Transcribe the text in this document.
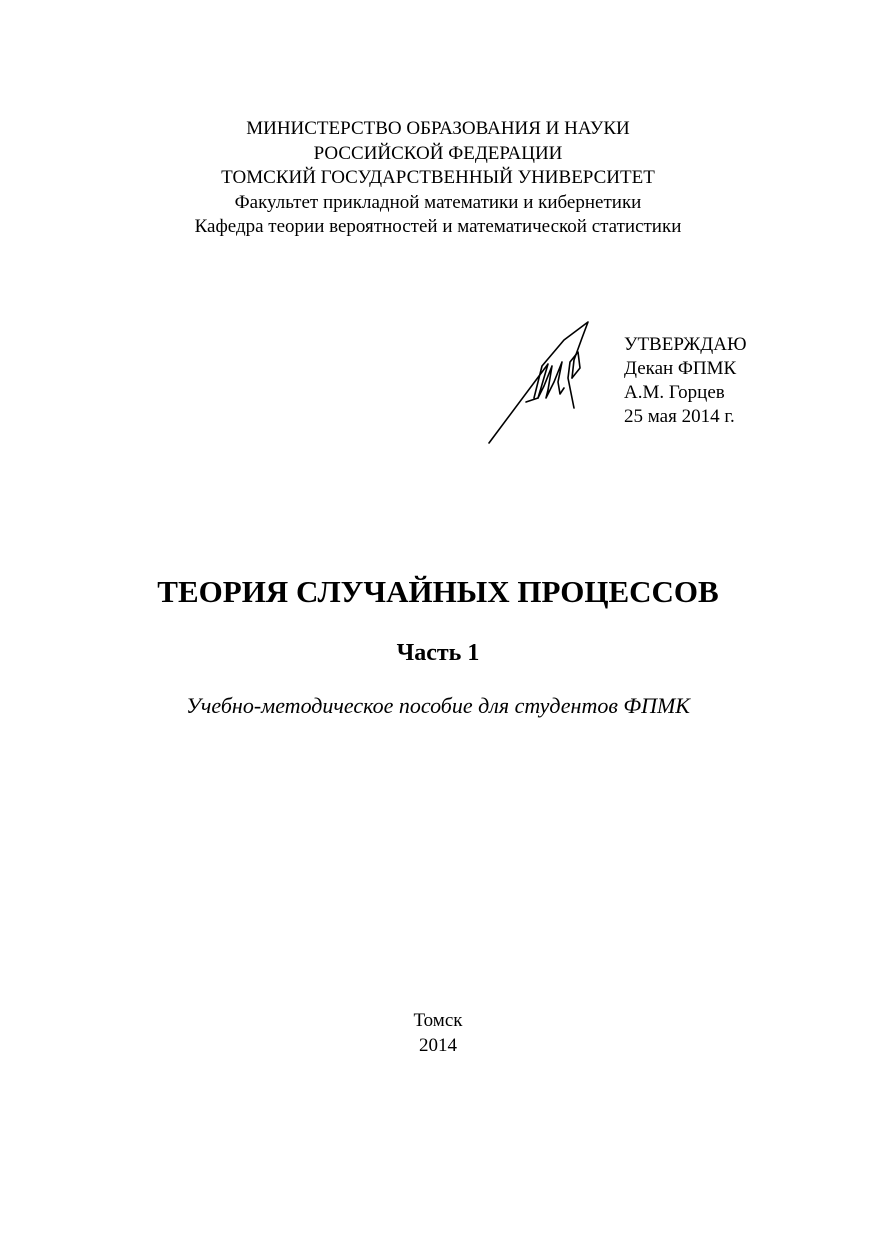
МИНИСТЕРСТВО ОБРАЗОВАНИЯ И НАУКИ
РОССИЙСКОЙ ФЕДЕРАЦИИ
ТОМСКИЙ ГОСУДАРСТВЕННЫЙ УНИВЕРСИТЕТ
Факультет прикладной математики и кибернетики
Кафедра теории вероятностей и математической статистики
УТВЕРЖДАЮ
Декан ФПМК
А.М. Горцев
25 мая 2014 г.
ТЕОРИЯ СЛУЧАЙНЫХ ПРОЦЕССОВ
Часть 1
Учебно-методическое пособие для студентов ФПМК
Томск
2014
